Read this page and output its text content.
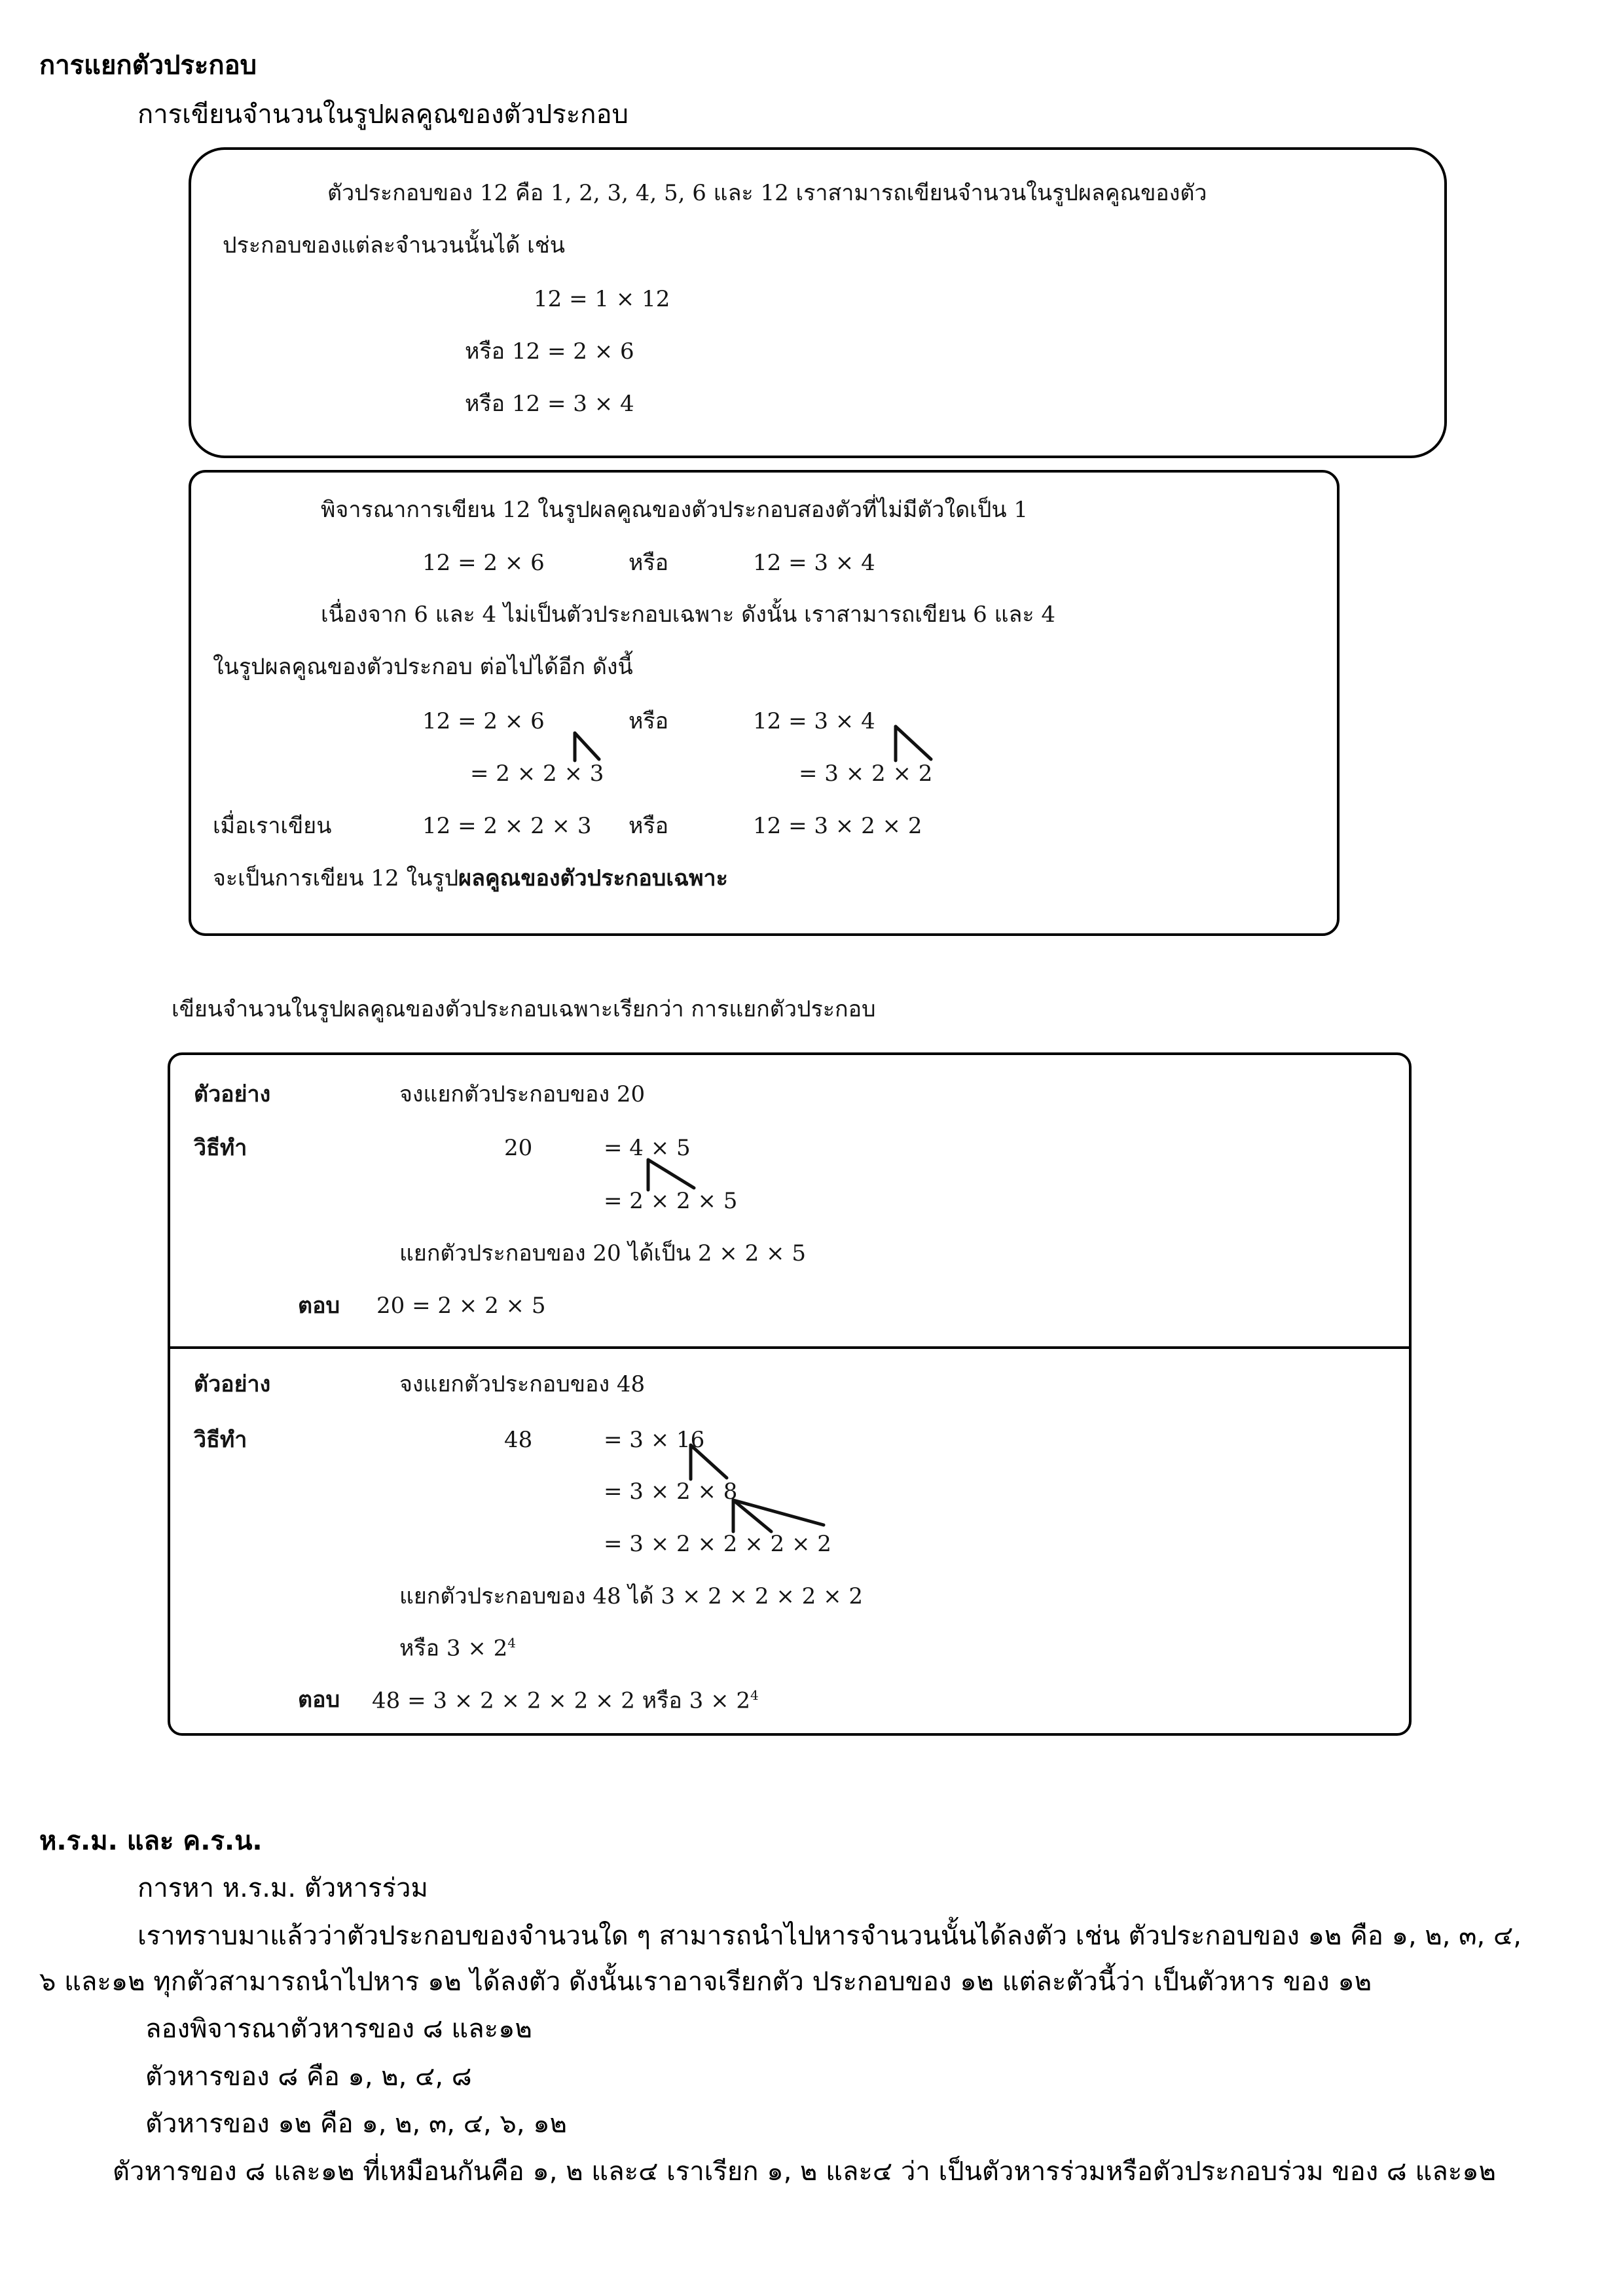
การแยกตัวประกอบ
การเขียนจำนวนในรูปผลคูณของตัวประกอบ
ตัวประกอบของ 12 คือ 1, 2, 3, 4, 5, 6 และ 12 เราสามารถเขียนจำนวนในรูปผลคูณของตัว
ประกอบของแต่ละจำนวนนั้นได้ เช่น
12 = 1 × 12
หรือ 12 = 2 × 6
หรือ 12 = 3 × 4
พิจารณาการเขียน 12 ในรูปผลคูณของตัวประกอบสองตัวที่ไม่มีตัวใดเป็น 1
12 = 2 × 6	หรือ	12 = 3 × 4
เนื่องจาก 6 และ 4 ไม่เป็นตัวประกอบเฉพาะ ดังนั้น เราสามารถเขียน 6 และ 4
ในรูปผลคูณของตัวประกอบ ต่อไปได้อีก ดังนี้
12 = 2 × 6	หรือ	12 = 3 × 4
= 2 × 2 × 3	= 3 × 2 × 2
เมื่อเราเขียน	12 = 2 × 2 × 3 หรือ	12 = 3 × 2 × 2
จะเป็นการเขียน 12 ในรูปผลคูณของตัวประกอบเฉพาะ
เขียนจำนวนในรูปผลคูณของตัวประกอบเฉพาะเรียกว่า การแยกตัวประกอบ
ตัวอย่าง	จงแยกตัวประกอบของ 20
วิธีทำ	20	= 4 × 5
= 2 × 2 × 5
แยกตัวประกอบของ 20 ได้เป็น 2 × 2 × 5
ตอบ 20 = 2 × 2 × 5
ตัวอย่าง	จงแยกตัวประกอบของ 48
วิธีทำ	48	= 3 × 16
= 3 × 2 × 8
= 3 × 2 × 2 × 2 × 2
แยกตัวประกอบของ 48 ได้ 3 × 2 × 2 × 2 × 2
หรือ $3 \times 2^4$
ตอบ 48 = 3 × 2 × 2 × 2 × 2 หรือ $3 \times 2^4$
ห.ร.ม. และ ค.ร.น.
การหา ห.ร.ม. ตัวหารร่วม
เราทราบมาแล้วว่าตัวประกอบของจำนวนใด ๆ สามารถนำไปหารจำนวนนั้นได้ลงตัว เช่น ตัวประกอบของ ๑๒ คือ ๑, ๒, ๓, ๔,
๖ และ๑๒ ทุกตัวสามารถนำไปหาร ๑๒ ได้ลงตัว ดังนั้นเราอาจเรียกตัว ประกอบของ ๑๒ แต่ละตัวนี้ว่า เป็นตัวหาร ของ ๑๒
ลองพิจารณาตัวหารของ ๘ และ๑๒
ตัวหารของ ๘ คือ ๑, ๒, ๔, ๘
ตัวหารของ ๑๒ คือ ๑, ๒, ๓, ๔, ๖, ๑๒
ตัวหารของ ๘ และ๑๒ ที่เหมือนกันคือ ๑, ๒ และ๔ เราเรียก ๑, ๒ และ๔ ว่า เป็นตัวหารร่วมหรือตัวประกอบร่วม ของ ๘ และ๑๒
